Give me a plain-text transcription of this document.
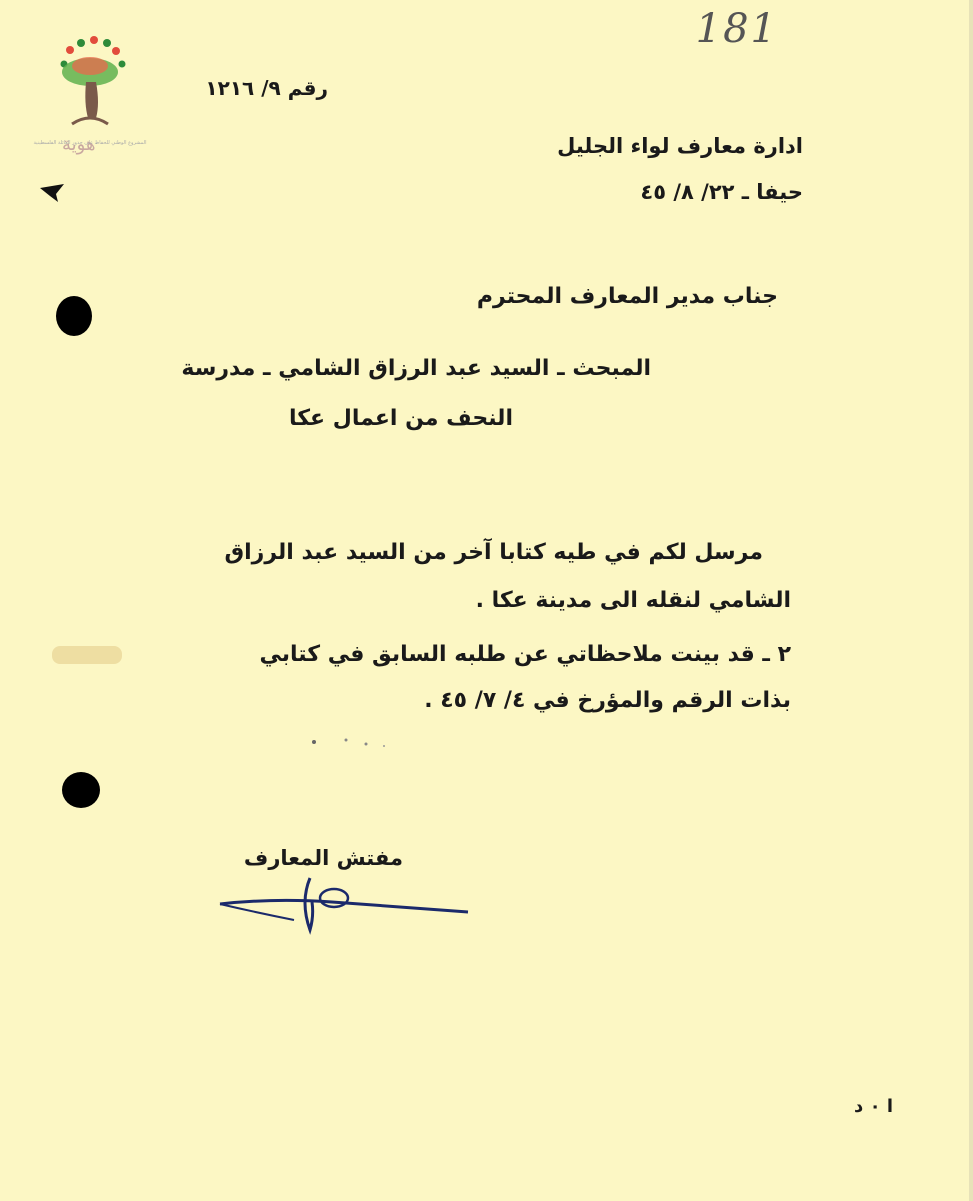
هوية
المشروع الوطني للحفاظ على جذور العائلة الفلسطينية
181
رقم ٩/ ١٢١٦
ادارة معارف لواء الجليل
حيفا ـ ٢٢/ ٨/ ٤٥
جناب مدير المعارف المحترم
المبحث ـ السيد عبد الرزاق الشامي ـ مدرسة
النحف من اعمال عكا
مرسل لكم في طيه كتابا آخر من السيد عبد الرزاق
الشامي لنقله الى مدينة عكا .
٢ ـ قد بينت ملاحظاتي عن طلبه السابق في كتابي
بذات الرقم والمؤرخ في ٤/ ٧/ ٤٥ .
مفتش المعارف
ا ٠ د
